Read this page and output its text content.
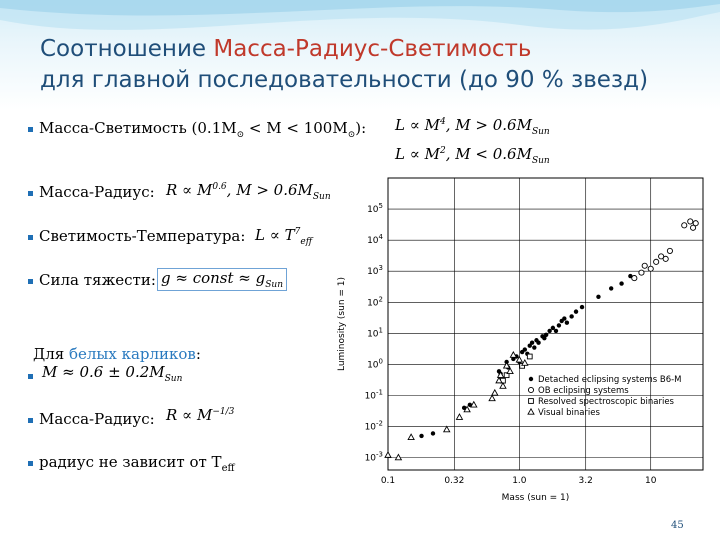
Соотношение Масса-Радиус-Светимость
для главной последовательности (до 90 % звезд)
Масса-Светимость $(0.1M_⊙ < M < 100M_⊙)$: $L \propto M^4$, $M > 0.6M_{Sun}$
$L \propto M^2$, $M < 0.6M_{Sun}$
Масса-Радиус: $R \propto M^{0.6}$, $M > 0.6M_{Sun}$
Светимость-Температура: $L \propto T^7_{eff}$
Сила тяжести: g ≈ const ≈ $g_{Sun}$
Для белых карликов:
$M \approx 0.6 \pm 0.2M_{Sun}$
Масса-Радиус: $R \propto M^{-1/3}$
радиус не зависит от $T_{eff}$
0.1	0.32	1.0	3.2	10
$10^{-3}$
$10^{-2}$
$10^{-1}$
$10^0$
$10^1$
$10^2$
$10^3$
$10^4$
$10^5$
Mass (sun = 1)
Luminosity (sun = 1)
Detached eclipsing systems B6-M
OB eclipsing systems
Resolved spectroscopic binaries
Visual binaries
45
